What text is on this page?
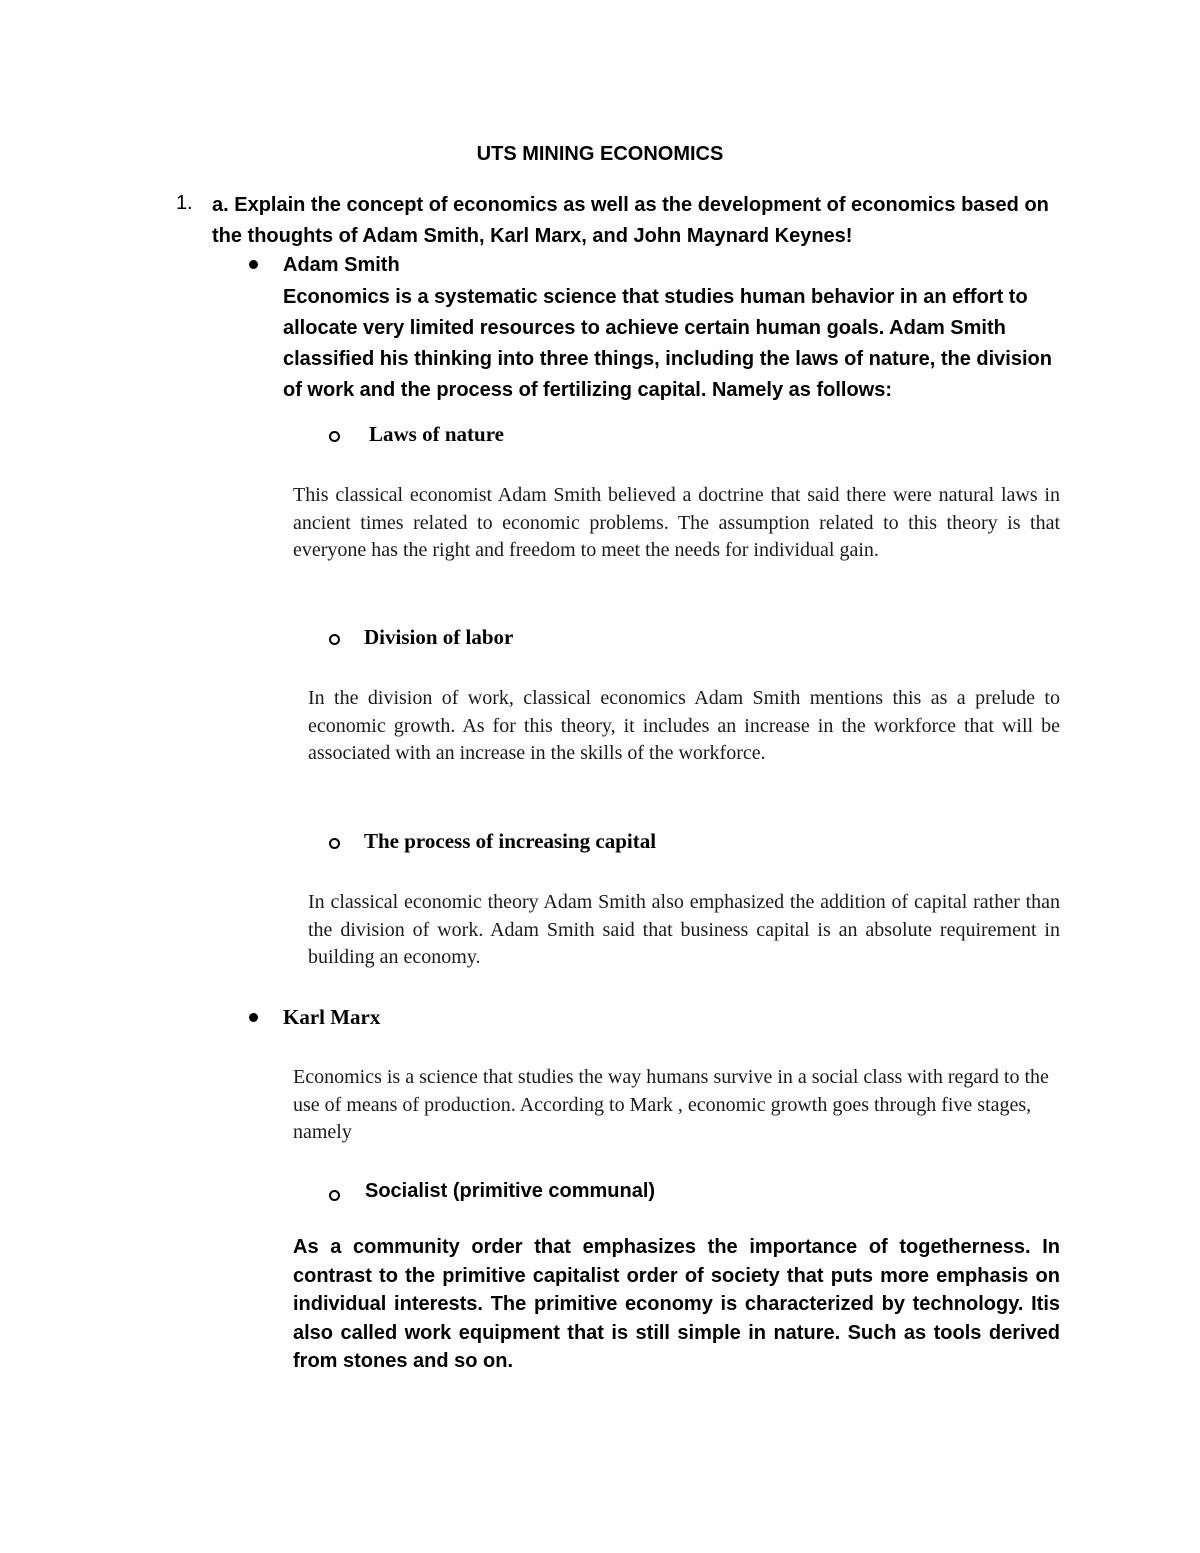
UTS MINING ECONOMICS
1. a. Explain the concept of economics as well as the development of economics based on the thoughts of Adam Smith, Karl Marx, and John Maynard Keynes!
Adam Smith
Economics is a systematic science that studies human behavior in an effort to allocate very limited resources to achieve certain human goals. Adam Smith classified his thinking into three things, including the laws of nature, the division of work and the process of fertilizing capital. Namely as follows:
Laws of nature
This classical economist Adam Smith believed a doctrine that said there were natural laws in ancient times related to economic problems. The assumption related to this theory is that everyone has the right and freedom to meet the needs for individual gain.
Division of labor
In the division of work, classical economics Adam Smith mentions this as a prelude to economic growth. As for this theory, it includes an increase in the workforce that will be associated with an increase in the skills of the workforce.
The process of increasing capital
In classical economic theory Adam Smith also emphasized the addition of capital rather than the division of work. Adam Smith said that business capital is an absolute requirement in building an economy.
Karl Marx
Economics is a science that studies the way humans survive in a social class with regard to the use of means of production. According to Mark , economic growth goes through five stages, namely
Socialist (primitive communal)
As a community order that emphasizes the importance of togetherness. In contrast to the primitive capitalist order of society that puts more emphasis on individual interests. The primitive economy is characterized by technology. Itis also called work equipment that is still simple in nature. Such as tools derived from stones and so on.
